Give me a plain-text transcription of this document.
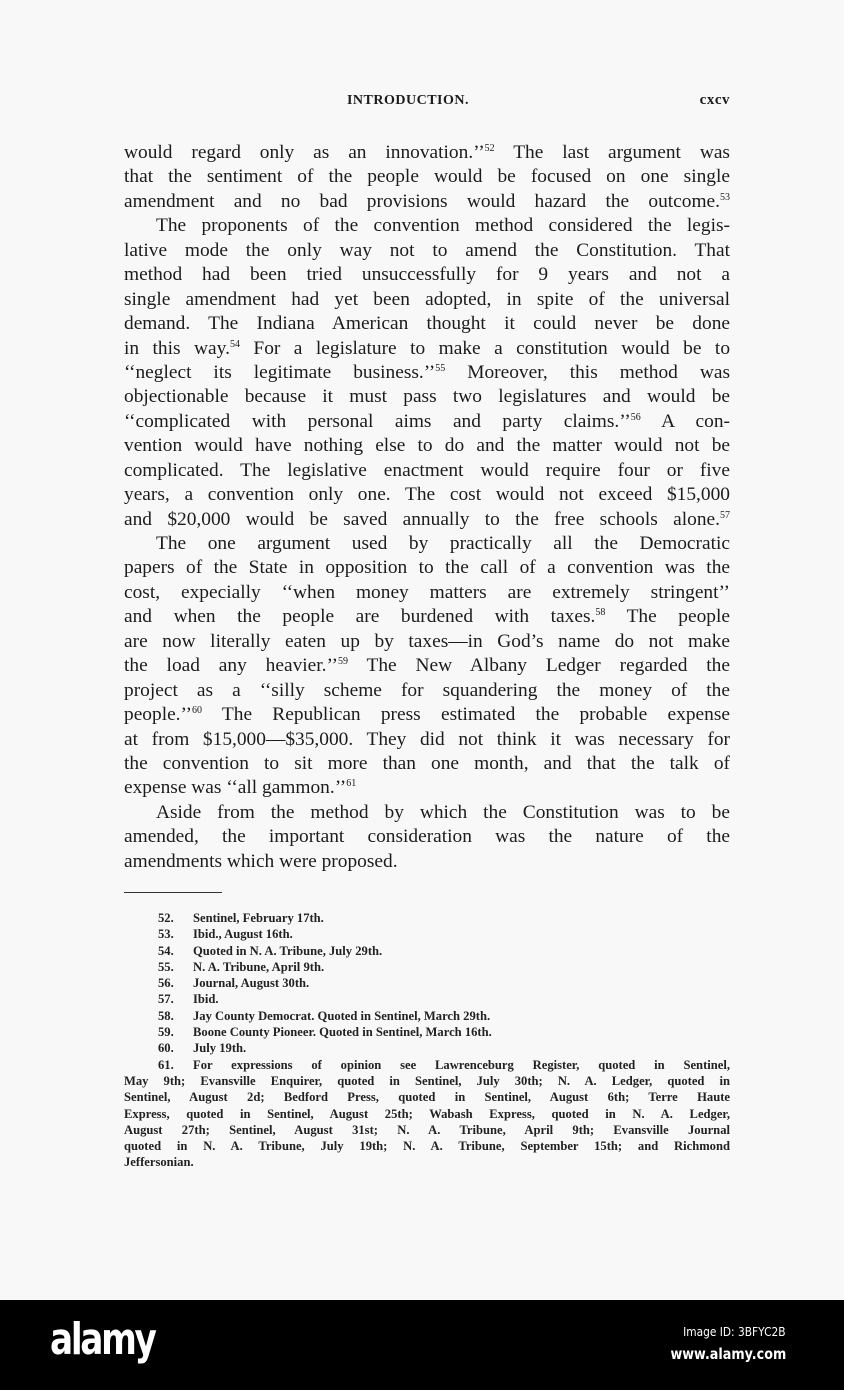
INTRODUCTION.	cxcv
would regard only as an innovation.’’$^{52}$ The last argument was
that the sentiment of the people would be focused on one single
amendment and no bad provisions would hazard the outcome.$^{53}$
The proponents of the convention method considered the legis-
lative mode the only way not to amend the Constitution. That
method had been tried unsuccessfully for 9 years and not a
single amendment had yet been adopted, in spite of the universal
demand. The Indiana American thought it could never be done
in this way.$^{54}$ For a legislature to make a constitution would be to
‘‘neglect its legitimate business.’’$^{55}$ Moreover, this method was
objectionable because it must pass two legislatures and would be
‘‘complicated with personal aims and party claims.’’$^{56}$ A con-
vention would have nothing else to do and the matter would not be
complicated. The legislative enactment would require four or five
years, a convention only one. The cost would not exceed $15,000
and $20,000 would be saved annually to the free schools alone.$^{57}$
The one argument used by practically all the Democratic
papers of the State in opposition to the call of a convention was the
cost, expecially ‘‘when money matters are extremely stringent’’
and when the people are burdened with taxes.$^{58}$ The people
are now literally eaten up by taxes—in God’s name do not make
the load any heavier.’’$^{59}$ The New Albany Ledger regarded the
project as a ‘‘silly scheme for squandering the money of the
people.’’$^{60}$ The Republican press estimated the probable expense
at from $15,000—$35,000. They did not think it was necessary for
the convention to sit more than one month, and that the talk of
expense was ‘‘all gammon.’’$^{61}$
Aside from the method by which the Constitution was to be
amended, the important consideration was the nature of the
amendments which were proposed.
52. Sentinel, February 17th.
53. Ibid., August 16th.
54. Quoted in N. A. Tribune, July 29th.
55. N. A. Tribune, April 9th.
56. Journal, August 30th.
57. Ibid.
58. Jay County Democrat. Quoted in Sentinel, March 29th.
59. Boone County Pioneer. Quoted in Sentinel, March 16th.
60. July 19th.
61. For expressions of opinion see Lawrenceburg Register, quoted in Sentinel,
May 9th; Evansville Enquirer, quoted in Sentinel, July 30th; N. A. Ledger, quoted in
Sentinel, August 2d; Bedford Press, quoted in Sentinel, August 6th; Terre Haute
Express, quoted in Sentinel, August 25th; Wabash Express, quoted in N. A. Ledger,
August 27th; Sentinel, August 31st; N. A. Tribune, April 9th; Evansville Journal
quoted in N. A. Tribune, July 19th; N. A. Tribune, September 15th; and Richmond
Jeffersonian.
alamy	Image ID: 3BFYC2B
www.alamy.com
